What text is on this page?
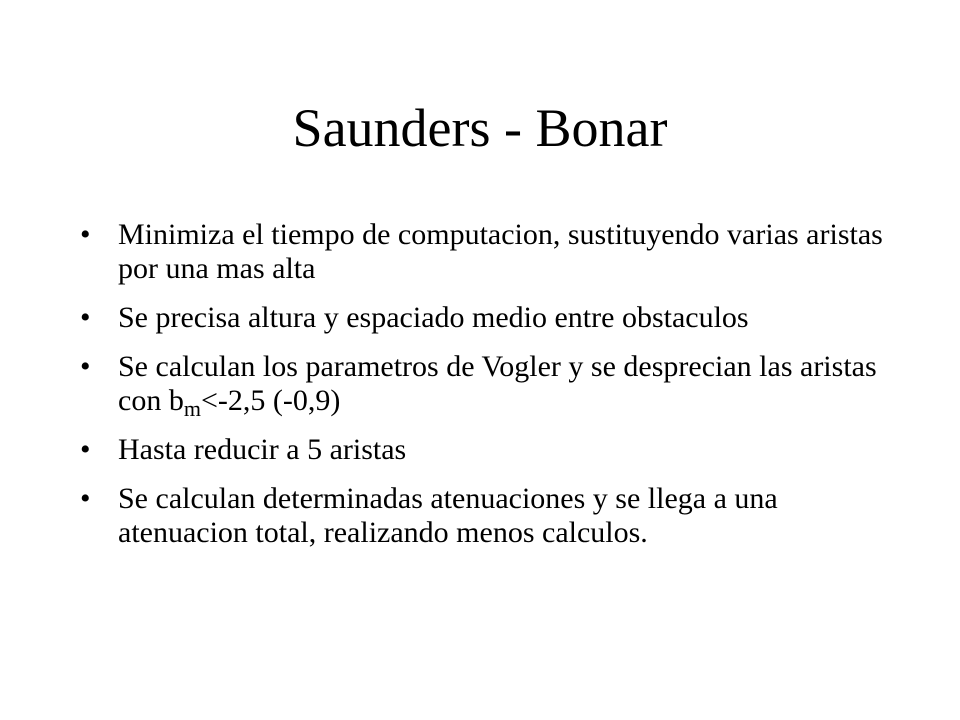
Saunders - Bonar
• Minimiza el tiempo de computacion, sustituyendo varias aristas por una mas alta
• Se precisa altura y espaciado medio entre obstaculos
• Se calculan los parametros de Vogler y se desprecian las aristas con $b_m<-2,5$ (-0,9)
• Hasta reducir a 5 aristas
• Se calculan determinadas atenuaciones y se llega a una atenuacion total, realizando menos calculos.
